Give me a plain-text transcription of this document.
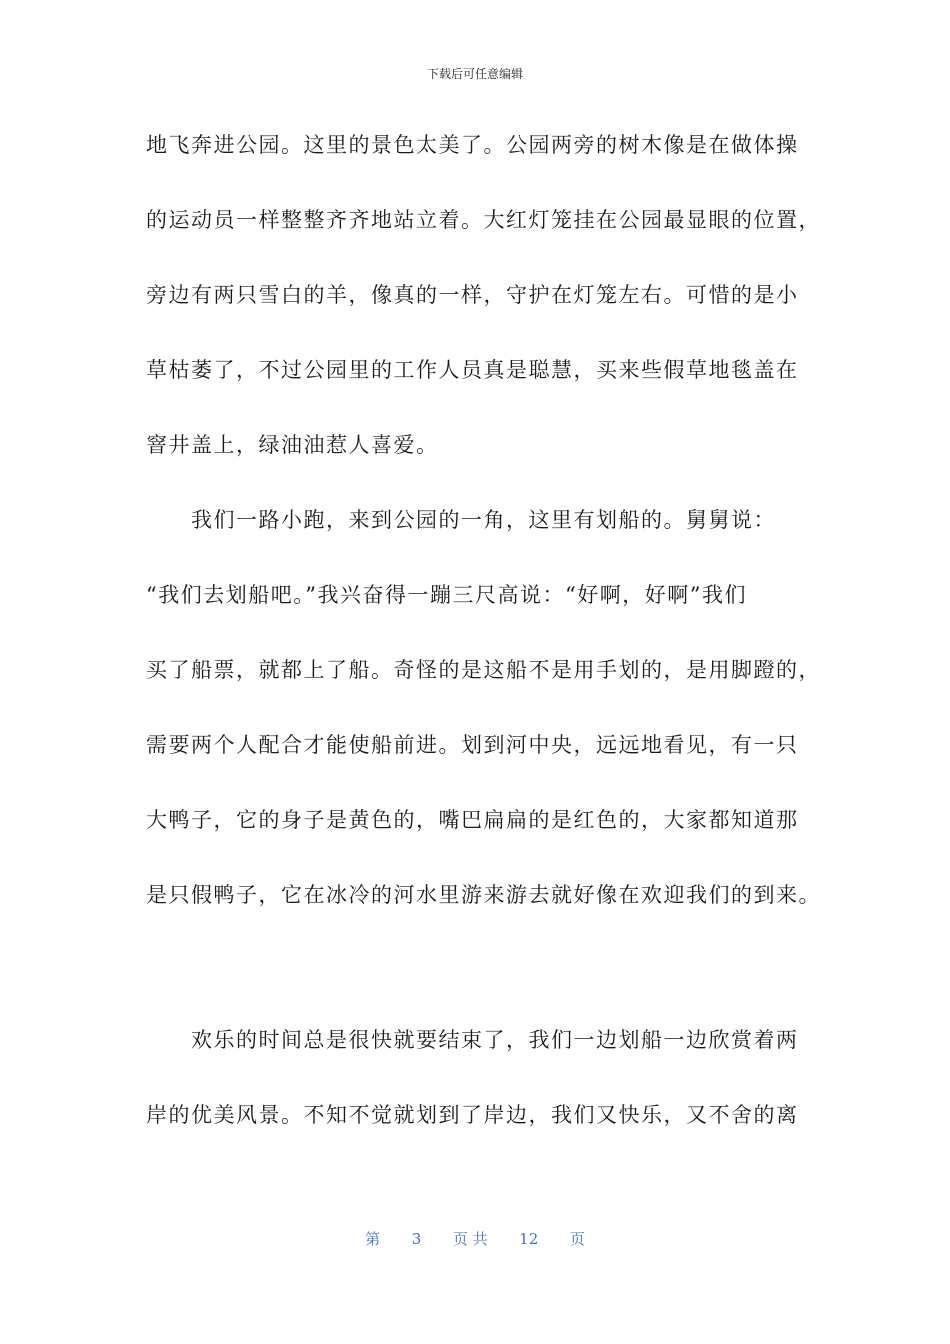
下载后可任意编辑

地飞奔进公园。这里的景色太美了。公园两旁的树木像是在做体操

的运动员一样整整齐齐地站立着。大红灯笼挂在公园最显眼的位置，

旁边有两只雪白的羊，像真的一样，守护在灯笼左右。可惜的是小

草枯萎了，不过公园里的工作人员真是聪慧，买来些假草地毯盖在

窨井盖上，绿油油惹人喜爱。

　　我们一路小跑，来到公园的一角，这里有划船的。舅舅说：

“我们去划船吧。”我兴奋得一蹦三尺高说：“好啊，好啊”我们

买了船票，就都上了船。奇怪的是这船不是用手划的，是用脚蹬的，

需要两个人配合才能使船前进。划到河中央，远远地看见，有一只

大鸭子，它的身子是黄色的，嘴巴扁扁的是红色的，大家都知道那

是只假鸭子，它在冰冷的河水里游来游去就好像在欢迎我们的到来。

　　欢乐的时间总是很快就要结束了，我们一边划船一边欣赏着两

岸的优美风景。不知不觉就划到了岸边，我们又快乐，又不舍的离

第 3 页 共 12 页
